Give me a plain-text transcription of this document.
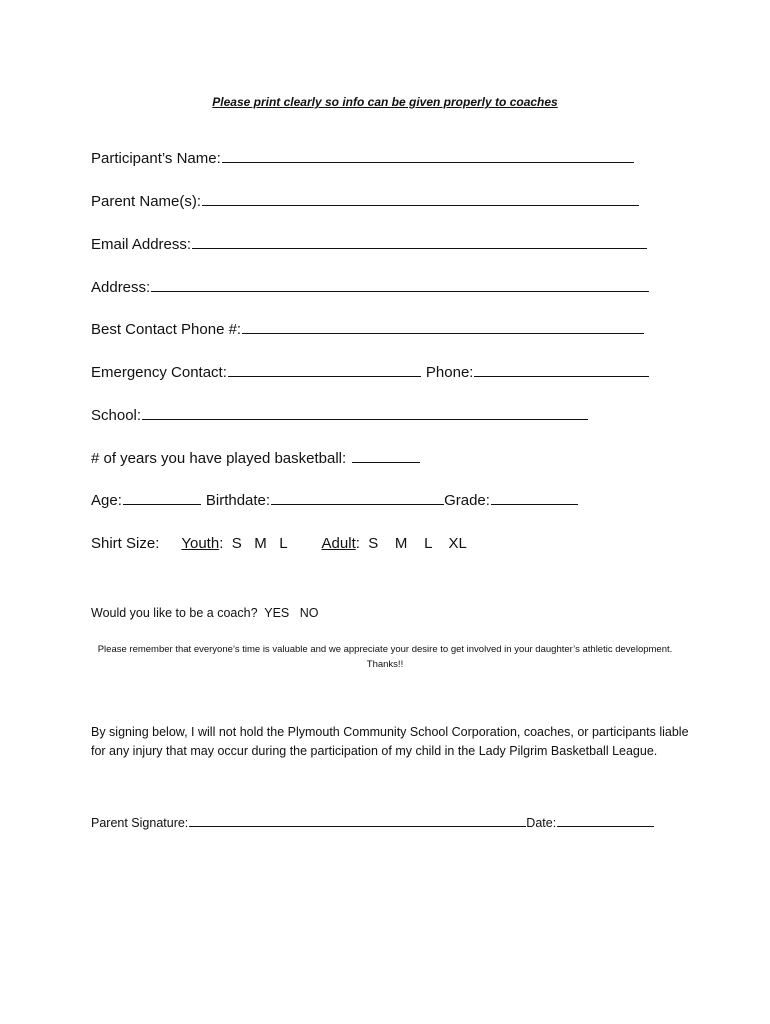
Please print clearly so info can be given properly to coaches
Participant’s Name:
Parent Name(s):
Email Address:
Address:
Best Contact Phone #:
Emergency Contact:	Phone:
School:
# of years you have played basketball:
Age:	Birthdate:	Grade:
Shirt Size: Youth :  S   M   L Adult :  S    M    L    XL
Would you like to be a coach?  YES   NO
Please remember that everyone’s time is valuable and we appreciate your desire to get involved in your daughter’s athletic development. Thanks!!
By signing below, I will not hold the Plymouth Community School Corporation, coaches, or participants liable for any injury that may occur during the participation of my child in the Lady Pilgrim Basketball League.
Parent Signature:	Date:
